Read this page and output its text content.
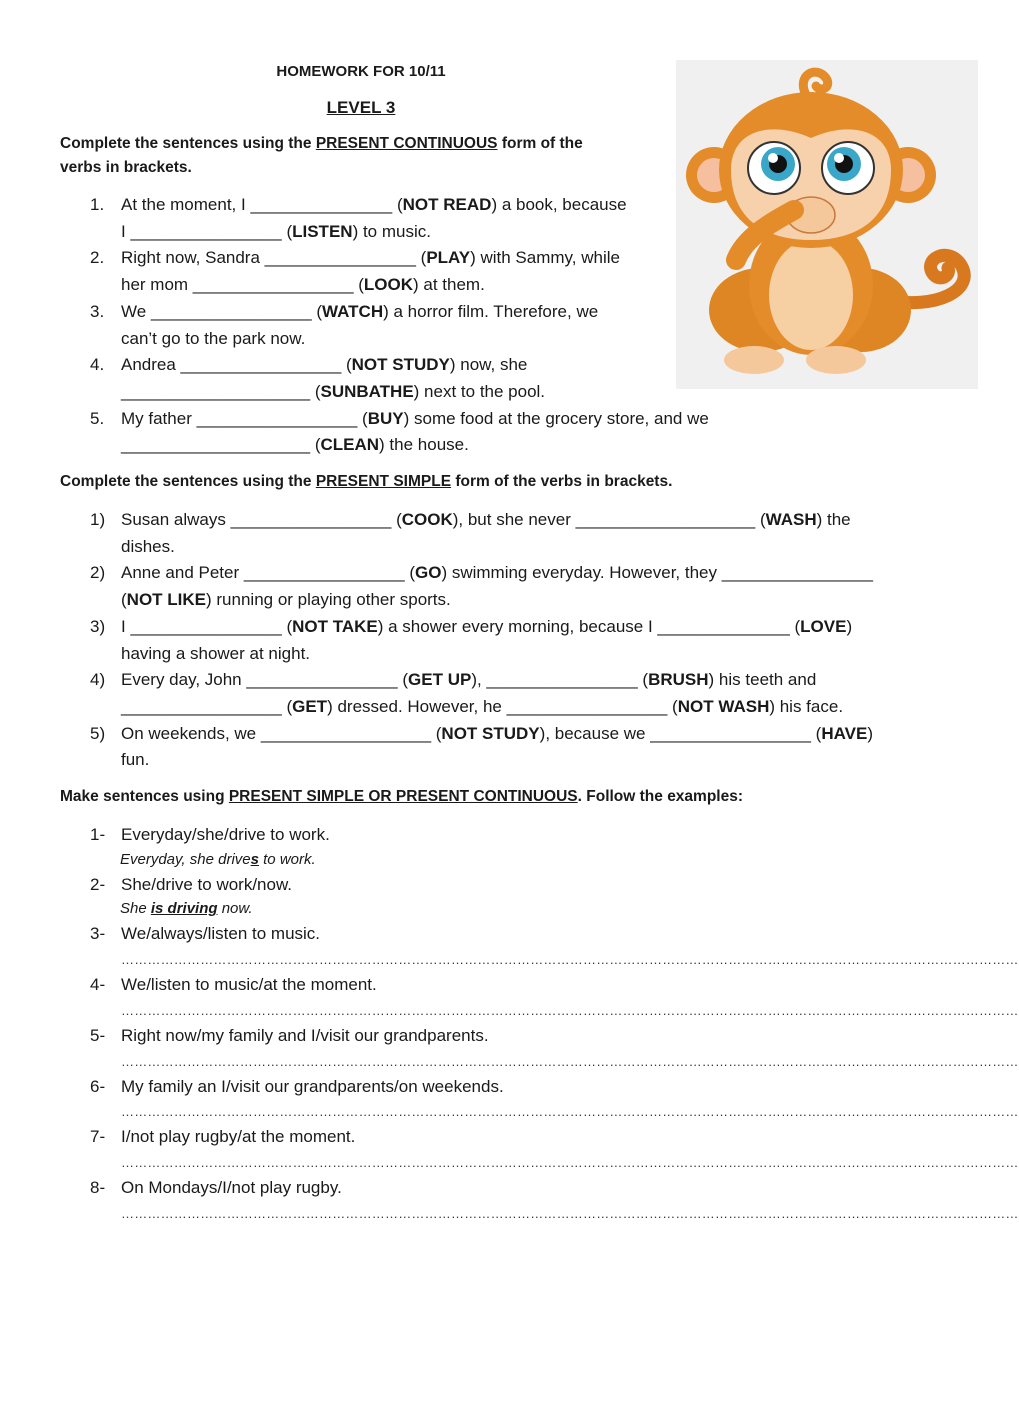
HOMEWORK FOR 10/11
LEVEL 3
Complete the sentences using the PRESENT CONTINUOUS form of the
verbs in brackets.
1. At the moment, I _______________ (NOT READ) a book, because
I ________________ (LISTEN) to music.
2. Right now, Sandra ________________ (PLAY) with Sammy, while
her mom _________________ (LOOK) at them.
3. We _________________ (WATCH) a horror film. Therefore, we
can’t go to the park now.
4. Andrea _________________ (NOT STUDY) now, she
____________________ (SUNBATHE) next to the pool.
5. My father _________________ (BUY) some food at the grocery store, and we
____________________ (CLEAN) the house.
Complete the sentences using the PRESENT SIMPLE form of the verbs in brackets.
1) Susan always _________________ (COOK), but she never ___________________ (WASH) the
dishes.
2) Anne and Peter _________________ (GO) swimming everyday. However, they ________________
(NOT LIKE) running or playing other sports.
3) I ________________ (NOT TAKE) a shower every morning, because I ______________ (LOVE)
having a shower at night.
4) Every day, John ________________ (GET UP), ________________ (BRUSH) his teeth and
_________________ (GET) dressed. However, he _________________ (NOT WASH) his face.
5) On weekends, we __________________ (NOT STUDY), because we _________________ (HAVE)
fun.
Make sentences using PRESENT SIMPLE OR PRESENT CONTINUOUS. Follow the examples:
1- Everyday/she/drive to work.
Everyday, she drives to work.
2- She/drive to work/now.
She is driving now.
3- We/always/listen to music.
……………………………………………………………………………………………………………………………………………………………………………………
4- We/listen to music/at the moment.
……………………………………………………………………………………………………………………………………………………………………………………
5- Right now/my family and I/visit our grandparents.
……………………………………………………………………………………………………………………………………………………………………………………
6- My family an I/visit our grandparents/on weekends.
……………………………………………………………………………………………………………………………………………………………………………………
7- I/not play rugby/at the moment.
……………………………………………………………………………………………………………………………………………………………………………………
8- On Mondays/I/not play rugby.
……………………………………………………………………………………………………………………………………………………………………………………
